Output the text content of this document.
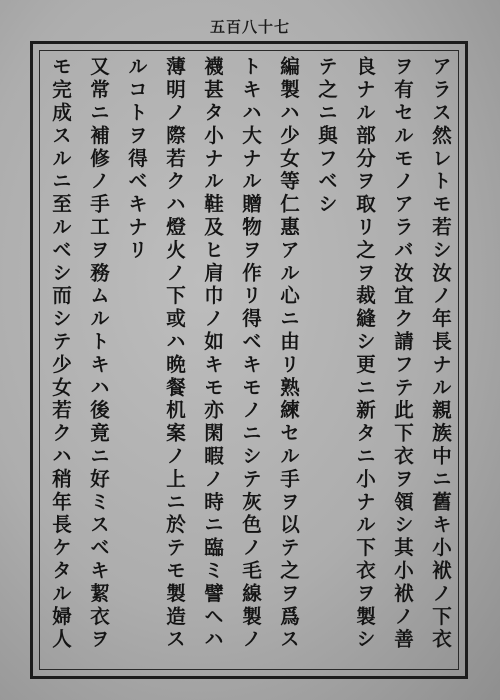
五百八十七
アラス然レトモ若シ汝ノ年長ナル親族中ニ舊キ小袱ノ下衣
ヲ有セルモノアラバ汝宜ク請フテ此下衣ヲ領シ其小袱ノ善
良ナル部分ヲ取リ之ヲ裁縫シ更ニ新タニ小ナル下衣ヲ製シ
テ之ニ與フベシ
編製ハ少女等仁惠アル心ニ由リ熟練セル手ヲ以テ之ヲ爲ス
トキハ大ナル贈物ヲ作リ得ベキモノニシテ灰色ノ毛線製ノ
襪甚タ小ナル鞋及ヒ肩巾ノ如キモ亦閑暇ノ時ニ臨ミ譬ヘハ
薄明ノ際若クハ燈火ノ下或ハ晩餐机案ノ上ニ於テモ製造ス
ルコトヲ得ベキナリ
又常ニ補修ノ手工ヲ務ムルトキハ後竟ニ好ミスベキ絜衣ヲ
モ完成スルニ至ルベシ而シテ少女若クハ稍年長ケタル婦人
